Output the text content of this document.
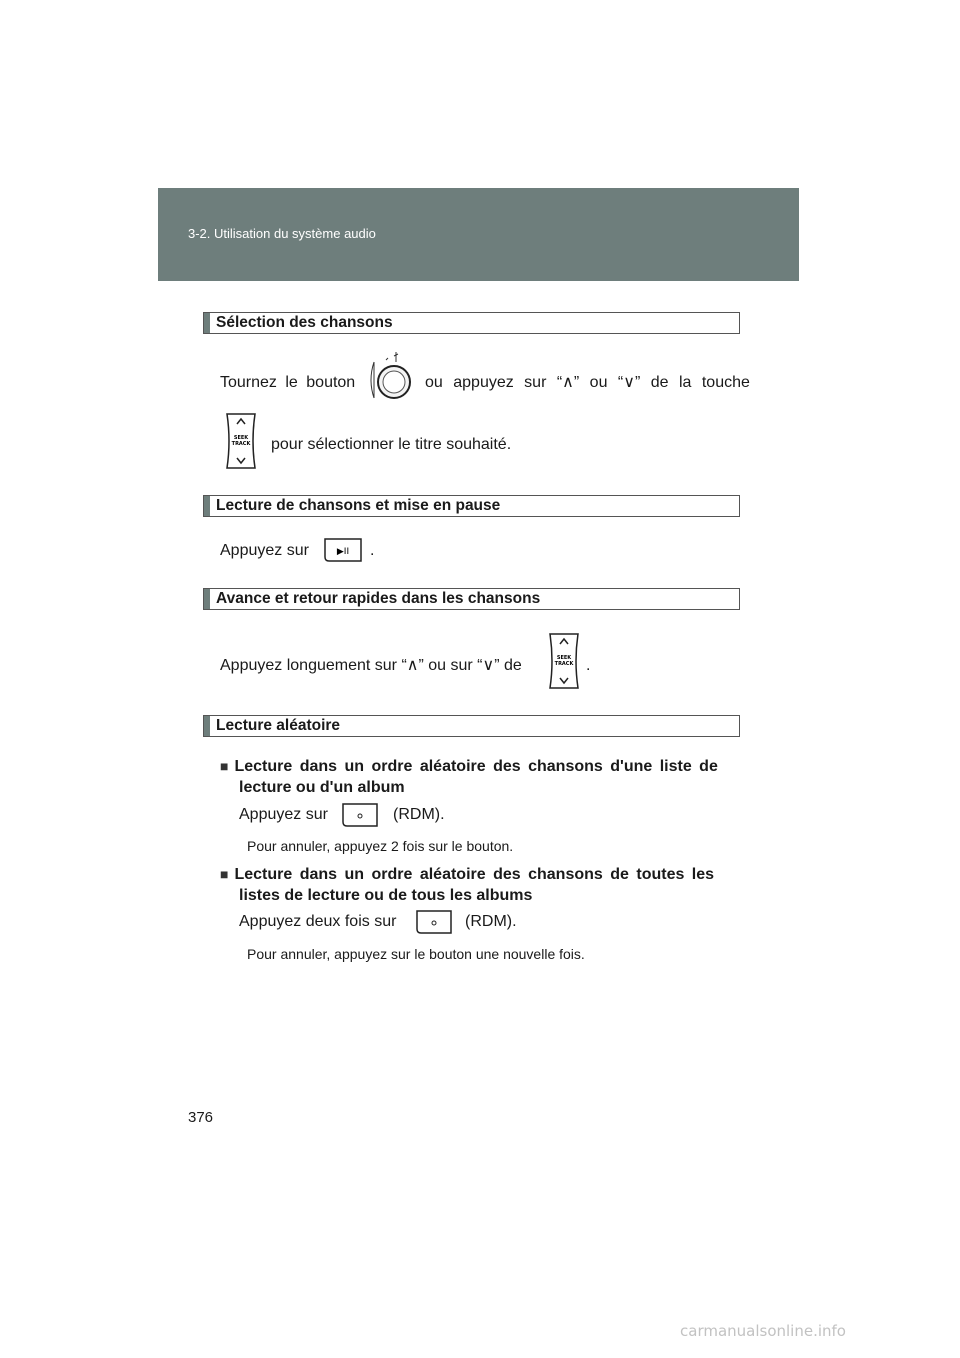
3-2. Utilisation du système audio
Sélection des chansons
Tournez le bouton	ou appuyez sur “∧” ou “∨” de la touche
SEEK
TRACK pour sélectionner le titre souhaité.
Lecture de chansons et mise en pause
Appuyez sur	▶II .
Avance et retour rapides dans les chansons
Appuyez longuement sur “∧” ou sur “∨” de	SEEK
TRACK .
Lecture aléatoire
■ Lecture dans un ordre aléatoire des chansons d'une liste de
lecture ou d'un album
Appuyez sur	(RDM).
Pour annuler, appuyez 2 fois sur le bouton.
■ Lecture dans un ordre aléatoire des chansons de toutes les
listes de lecture ou de tous les albums
Appuyez deux fois sur	(RDM).
Pour annuler, appuyez sur le bouton une nouvelle fois.
376
carmanualsonline.info
